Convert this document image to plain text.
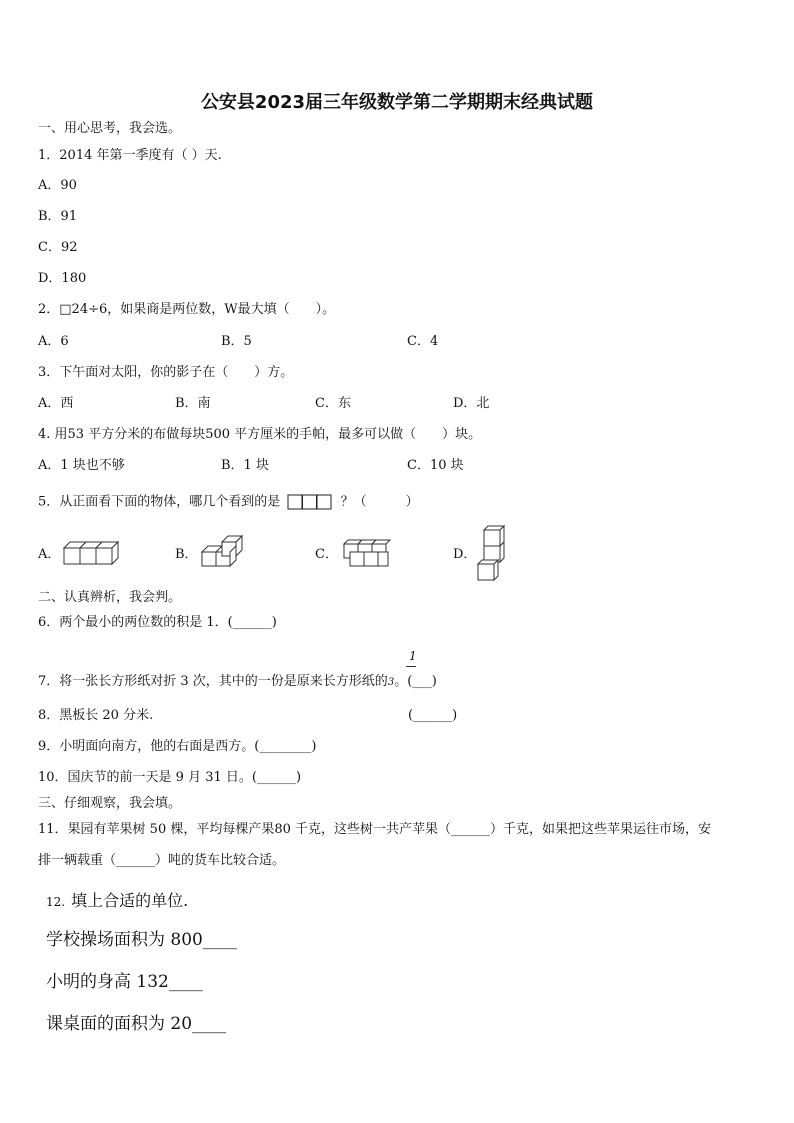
公安县2023届三年级数学第二学期期末经典试题
一、用心思考，我会选。
1．2014 年第一季度有（ ）天.
A．90
B．91
C．92
D．180
2．□24÷6，如果商是两位数，W最大填（　　）。
A．6	B．5	C．4
3．下午面对太阳，你的影子在（　　）方。
A．西	B．南	C．东	D．北
4. 用53 平方分米的布做每块500 平方厘米的手帕，最多可以做（　　）块。
A．1 块也不够	B．1 块	C．10 块
5．从正面看下面的物体，哪几个看到的是	？（　　　）
A．	B．	C．	D．
二、认真辨析，我会判。
6．两个最小的两位数的积是 1．(______)
1
7．将一张长方形纸对折 3 次，其中的一份是原来长方形纸的3。(___)
8．黑板长 20 分米.	(______)
9．小明面向南方，他的右面是西方。(________)
10．国庆节的前一天是 9 月 31 日。(______)
三、仔细观察，我会填。
11．果园有苹果树 50 棵，平均每棵产果80 千克，这些树一共产苹果（______）千克，如果把这些苹果运往市场，安
排一辆载重（______）吨的货车比较合适。
12. 填上合适的单位.
学校操场面积为 800____
小明的身高 132____
课桌面的面积为 20____
